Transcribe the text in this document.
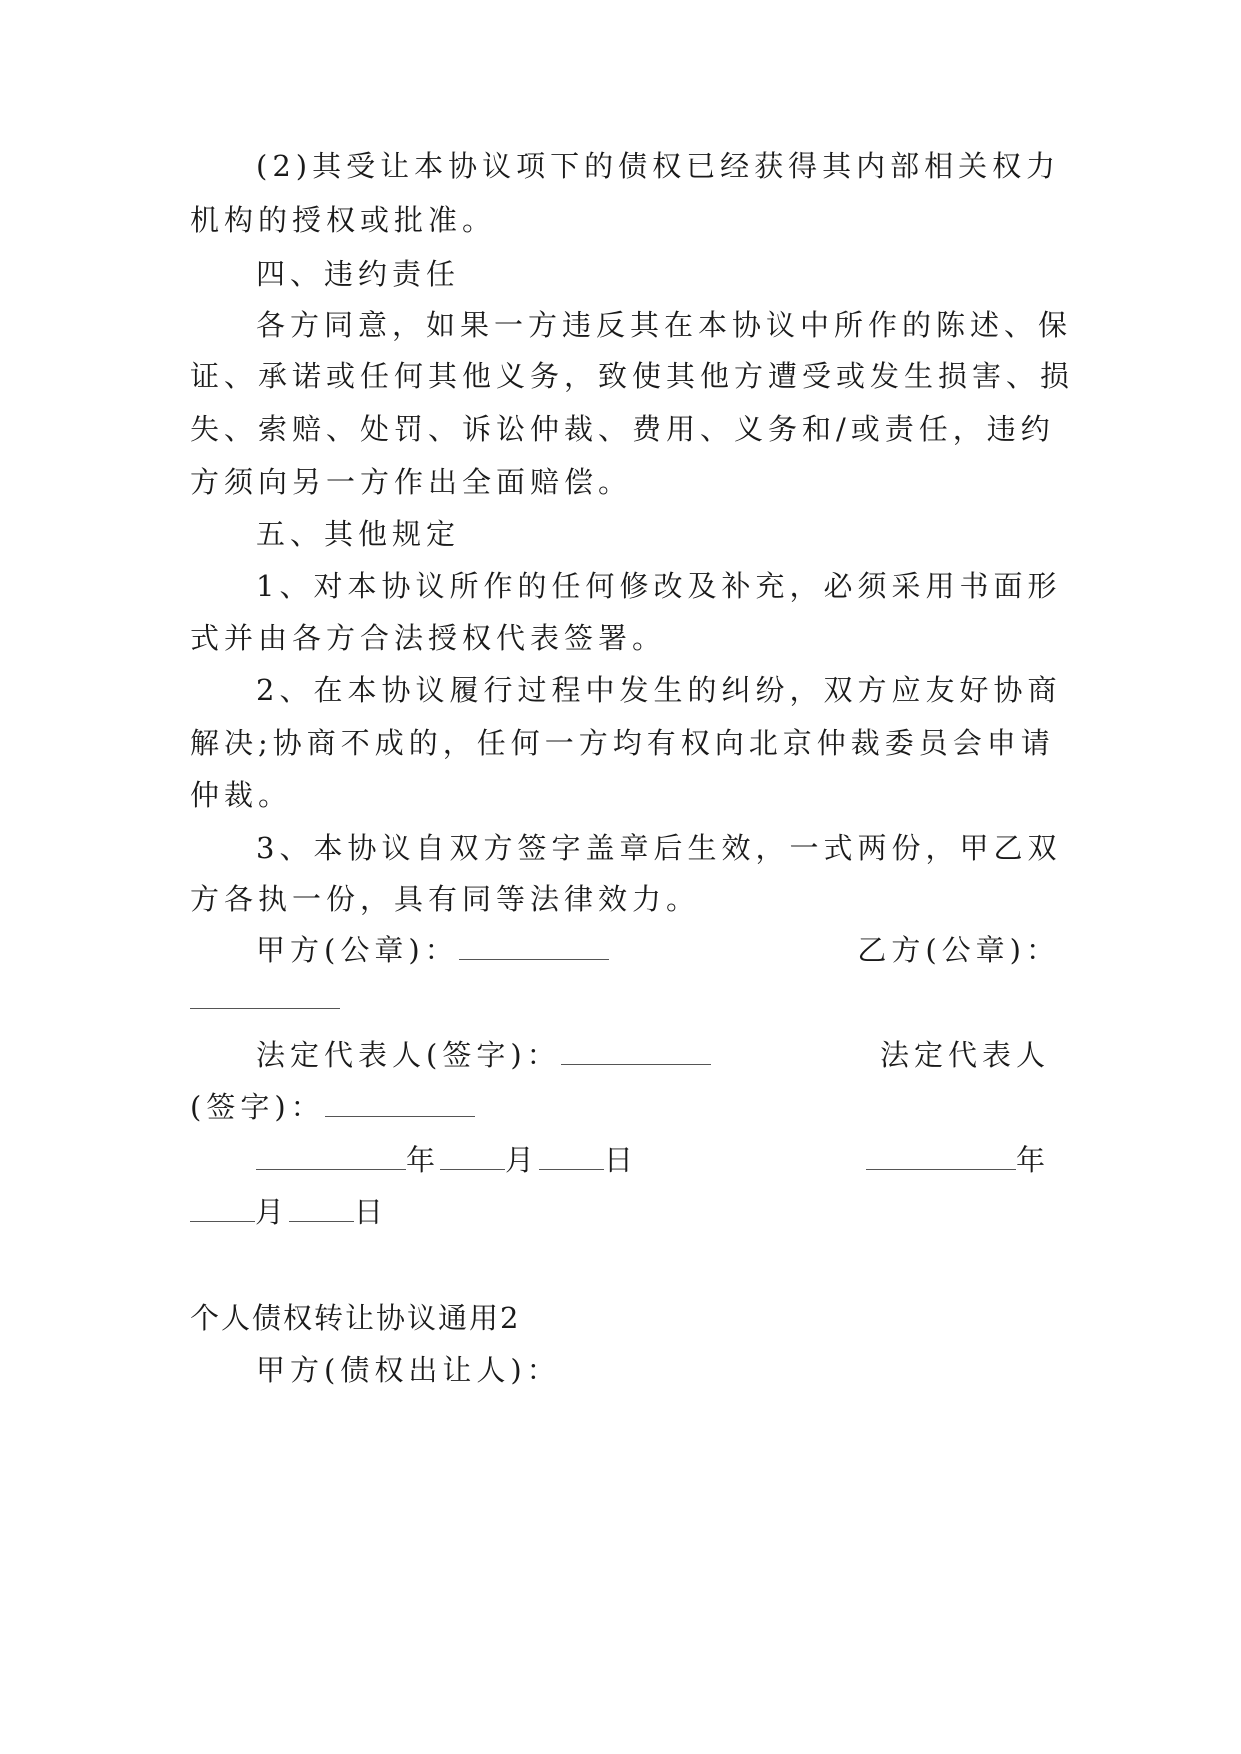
(2)其受让本协议项下的债权已经获得其内部相关权力
机构的授权或批准。
四、违约责任
各方同意，如果一方违反其在本协议中所作的陈述、保
证、承诺或任何其他义务，致使其他方遭受或发生损害、损
失、索赔、处罚、诉讼仲裁、费用、义务和/或责任，违约
方须向另一方作出全面赔偿。
五、其他规定
1、对本协议所作的任何修改及补充，必须采用书面形
式并由各方合法授权代表签署。
2、在本协议履行过程中发生的纠纷，双方应友好协商
解决;协商不成的，任何一方均有权向北京仲裁委员会申请
仲裁。
3、本协议自双方签字盖章后生效，一式两份，甲乙双
方各执一份，具有同等法律效力。
甲方(公章)：	乙方(公章)：
法定代表人(签字)：	法定代表人
(签字)：
年 月 日	年
月 日
个人债权转让协议通用2
甲方(债权出让人)：
